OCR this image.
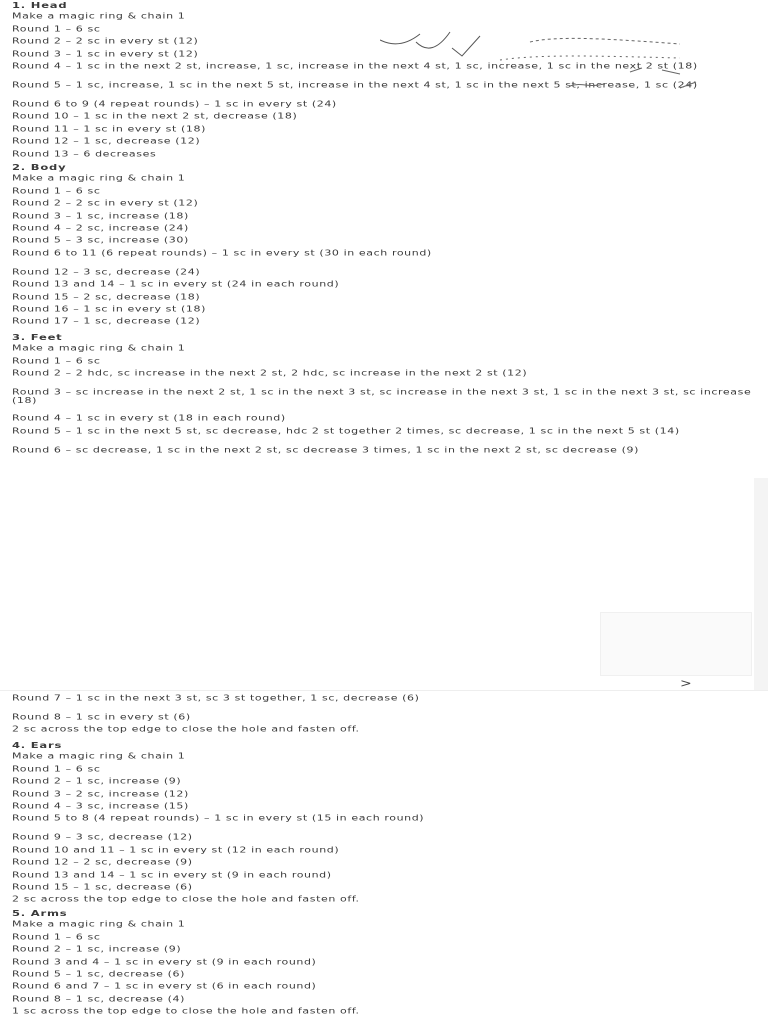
1. Head
Make a magic ring & chain 1
Round 1 – 6 sc
Round 2 – 2 sc in every st (12)
Round 3 – 1 sc in every st (12)
Round 4 – 1 sc in the next 2 st, increase, 1 sc, increase in the next 4 st, 1 sc, increase, 1 sc in the next 2 st (18)
Round 5 – 1 sc, increase, 1 sc in the next 5 st, increase in the next 4 st, 1 sc in the next 5 st, increase, 1 sc (24)
Round 6 to 9 (4 repeat rounds) – 1 sc in every st (24)
Round 10 – 1 sc in the next 2 st, decrease (18)
Round 11 – 1 sc in every st (18)
Round 12 – 1 sc, decrease (12)
Round 13 – 6 decreases
2. Body
Make a magic ring & chain 1
Round 1 – 6 sc
Round 2 – 2 sc in every st (12)
Round 3 – 1 sc, increase (18)
Round 4 – 2 sc, increase (24)
Round 5 – 3 sc, increase (30)
Round 6 to 11 (6 repeat rounds) – 1 sc in every st (30 in each round)
Round 12 – 3 sc, decrease (24)
Round 13 and 14 – 1 sc in every st (24 in each round)
Round 15 – 2 sc, decrease (18)
Round 16 – 1 sc in every st (18)
Round 17 – 1 sc, decrease (12)
3. Feet
Make a magic ring & chain 1
Round 1 – 6 sc
Round 2 – 2 hdc, sc increase in the next 2 st, 2 hdc, sc increase in the next 2 st (12)
Round 3 – sc increase in the next 2 st, 1 sc in the next 3 st, sc increase in the next 3 st, 1 sc in the next 3 st, sc increase (18)
Round 4 – 1 sc in every st (18 in each round)
Round 5 – 1 sc in the next 5 st, sc decrease, hdc 2 st together 2 times, sc decrease, 1 sc in the next 5 st (14)
Round 6 – sc decrease, 1 sc in the next 2 st, sc decrease 3 times, 1 sc in the next 2 st, sc decrease (9)
>
Round 7 – 1 sc in the next 3 st, sc 3 st together, 1 sc, decrease (6)
Round 8 – 1 sc in every st (6)
2 sc across the top edge to close the hole and fasten off.
4. Ears
Make a magic ring & chain 1
Round 1 – 6 sc
Round 2 – 1 sc, increase (9)
Round 3 – 2 sc, increase (12)
Round 4 – 3 sc, increase (15)
Round 5 to 8 (4 repeat rounds) – 1 sc in every st (15 in each round)
Round 9 – 3 sc, decrease (12)
Round 10 and 11 – 1 sc in every st (12 in each round)
Round 12 – 2 sc, decrease (9)
Round 13 and 14 – 1 sc in every st (9 in each round)
Round 15 – 1 sc, decrease (6)
2 sc across the top edge to close the hole and fasten off.
5. Arms
Make a magic ring & chain 1
Round 1 – 6 sc
Round 2 – 1 sc, increase (9)
Round 3 and 4 – 1 sc in every st (9 in each round)
Round 5 – 1 sc, decrease (6)
Round 6 and 7 – 1 sc in every st (6 in each round)
Round 8 – 1 sc, decrease (4)
1 sc across the top edge to close the hole and fasten off.
